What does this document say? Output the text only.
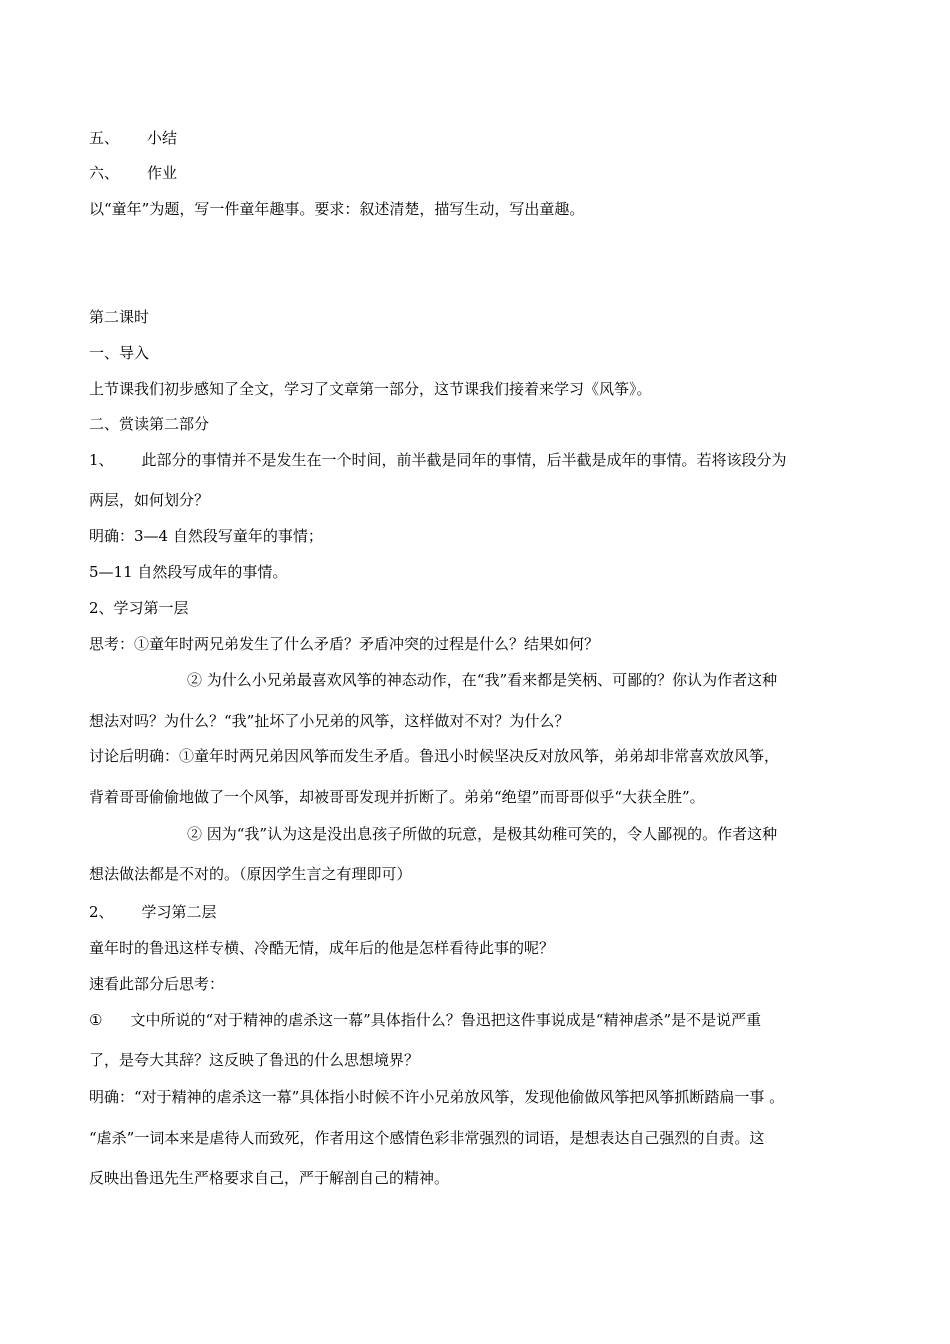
五、 小结
六、 作业
以“童年”为题，写一件童年趣事。要求：叙述清楚，描写生动，写出童趣。
第二课时
一、导入
上节课我们初步感知了全文，学习了文章第一部分，这节课我们接着来学习《风筝》。
二、赏读第二部分
1、 此部分的事情并不是发生在一个时间，前半截是同年的事情，后半截是成年的事情。若将该段分为
两层，如何划分？
明确：3—4 自然段写童年的事情；
5—11 自然段写成年的事情。
2、学习第一层
思考：①童年时两兄弟发生了什么矛盾？矛盾冲突的过程是什么？结果如何？
② 为什么小兄弟最喜欢风筝的神态动作，在“我”看来都是笑柄、可鄙的？你认为作者这种
想法对吗？为什么？“我”扯坏了小兄弟的风筝，这样做对不对？为什么？
讨论后明确：①童年时两兄弟因风筝而发生矛盾。鲁迅小时候坚决反对放风筝，弟弟却非常喜欢放风筝，
背着哥哥偷偷地做了一个风筝，却被哥哥发现并折断了。弟弟“绝望”而哥哥似乎“大获全胜”。
② 因为“我”认为这是没出息孩子所做的玩意，是极其幼稚可笑的，令人鄙视的。作者这种
想法做法都是不对的。（原因学生言之有理即可）
2、 学习第二层
童年时的鲁迅这样专横、冷酷无情，成年后的他是怎样看待此事的呢？
速看此部分后思考：
① 文中所说的“对于精神的虐杀这一幕”具体指什么？鲁迅把这件事说成是“精神虐杀”是不是说严重
了，是夸大其辞？这反映了鲁迅的什么思想境界？
明确：“对于精神的虐杀这一幕”具体指小时候不许小兄弟放风筝，发现他偷做风筝把风筝抓断踏扁一事 。
“虐杀”一词本来是虐待人而致死，作者用这个感情色彩非常强烈的词语，是想表达自己强烈的自责。这
反映出鲁迅先生严格要求自己，严于解剖自己的精神。
